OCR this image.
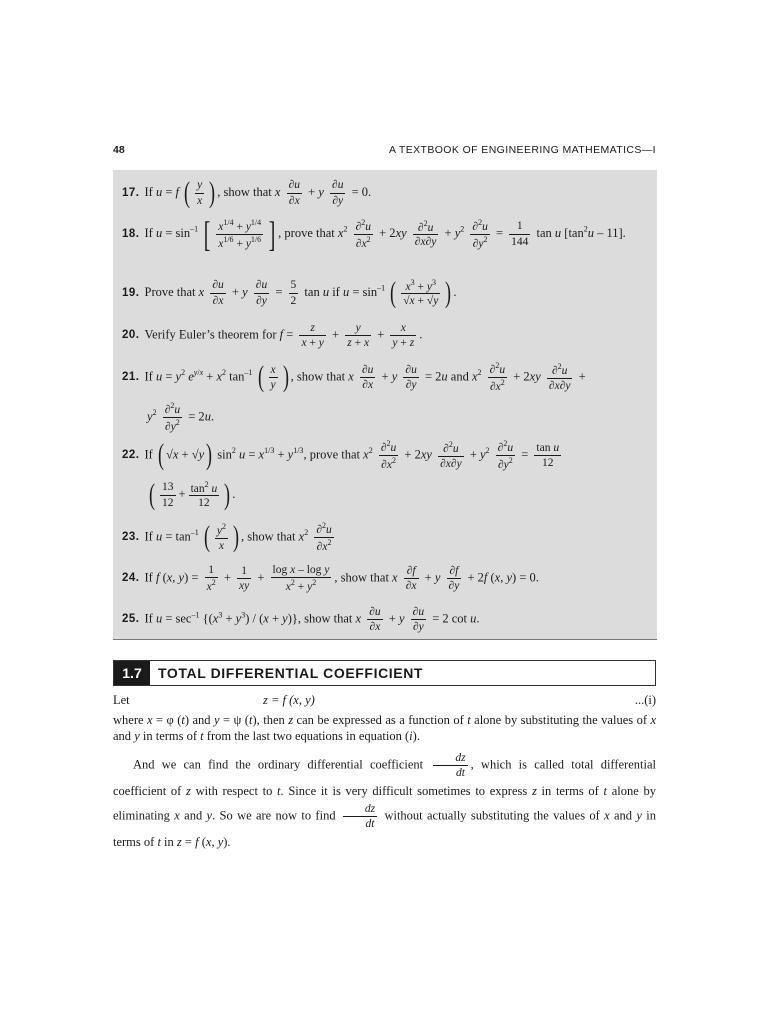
48	A TEXTBOOK OF ENGINEERING MATHEMATICS—I
17. If u = f ( $\frac{y}{x}$ ) , show that x $\frac{\partial u}{\partial x} + y \frac{\partial u}{\partial y} = 0$.
18. If $u = \sin^{-1}$ [ $\frac{x^{1/4} + y^{1/4}}{x^{1/6} + y^{1/6}}$ ] , prove that $x^2 \frac{\partial^2u}{\partial x^2} + 2xy \frac{\partial^2u}{\partial x\partial y} + y^2 \frac{\partial^2u}{\partial y^2} = \frac{1}{144}$ tan u $[\tan^2u - 11]$.
19. Prove that x $\frac{\partial u}{\partial x} + y \frac{\partial u}{\partial y} = \frac{5}{2}$ tan u if $u = \sin^{-1}$ ( $\frac{x^3 + y^3}{√x + √y}$ ) .
20. Verify Euler’s theorem for $f = \frac{z}{x + y} + \frac{y}{z + x} + \frac{x}{y + z}$ .
21. If $u = y^2$ $e^{y/x} + x^2$ $\tan^{-1}$ ( $\frac{x}{y}$ ) , show that x $\frac{\partial u}{\partial x} + y \frac{\partial u}{\partial y} = 2u$ and $x^2 \frac{\partial^2u}{\partial x^2} + 2xy \frac{\partial^2u}{\partial x\partial y}$ +
$y^2 \frac{\partial^2u}{\partial y^2} = 2u$.
22. If ( √x + √y) $\sin^2 u = x^{1/3} + y^{1/3}$, prove that $x^2 \frac{\partial^2u}{\partial x^2} + 2xy \frac{\partial^2u}{\partial x\partial y} + y^2 \frac{\partial^2u}{\partial y^2} = \frac{\text{tan u}}{12}$
( $\frac{13}{12} + \frac{\tan^2 u}{12}$ ) .
23. If $u = \tan^{-1}$ ( $\frac{y^2}{x}$ ) , show that $x^2 \frac{\partial^2u}{\partial x^2}$
24. If f (x, $y) = \frac{1}{x^2} + \frac{1}{xy} + \frac{\text{log x – log y}}{x^2 + y^2}$ , show that x $\frac{\partial f}{\partial x} + y \frac{\partial f}{\partial y} + 2f$ (x, y) = 0.
25. If $u = \sec^{-1} \{(x^3 + y^3) / (x + y)\}$, show that x $\frac{\partial u}{\partial x} + y \frac{\partial u}{\partial y} = 2$ cot u.
1.7	TOTAL DIFFERENTIAL COEFFICIENT
Let	z = f (x, y)	...(i)
where x = φ (t) and y = ψ (t), then z can be expressed as a function of t alone by substituting the values of x and y in terms of t from the last two equations in equation (i).
And we can find the ordinary differential coefficient $\frac{dz}{dt}$ , which is called total differential coefficient of z with respect to t. Since it is very difficult sometimes to express z in terms of t alone by eliminating x and y. So we are now to find $\frac{dz}{dt}$ without actually substituting the values of x and y in terms of t in z = f (x, y).
